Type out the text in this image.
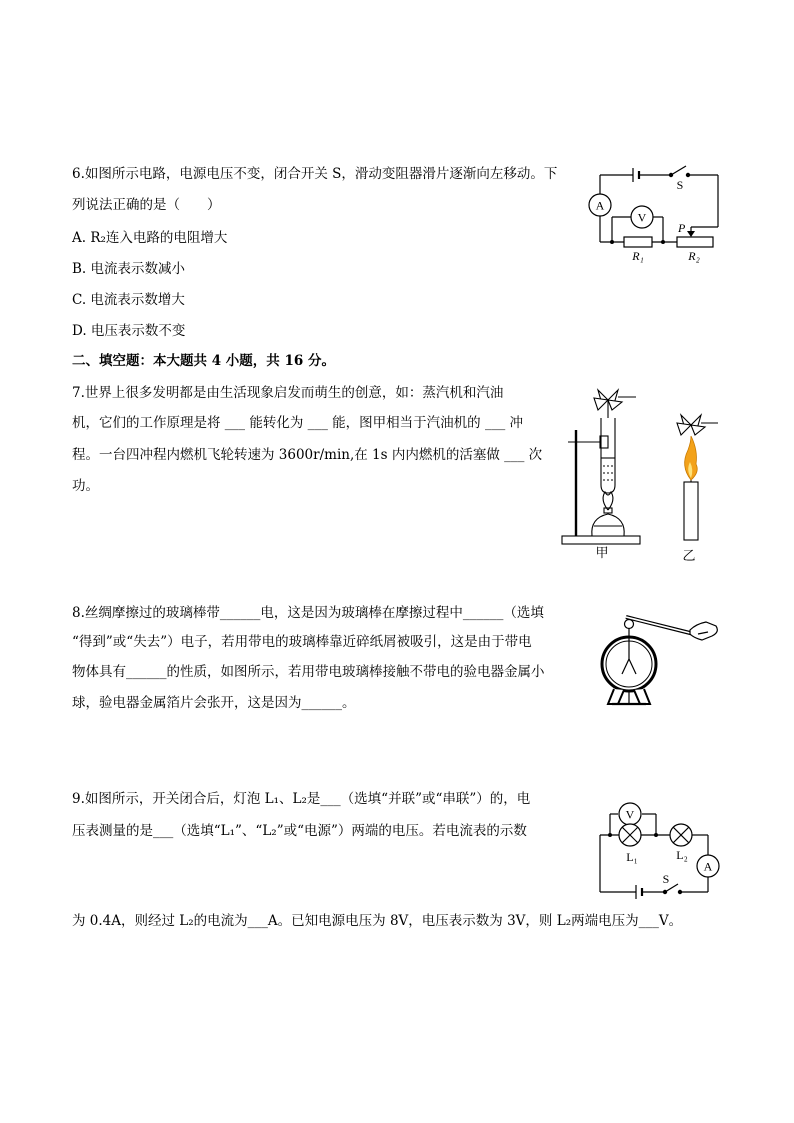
6.如图所示电路，电源电压不变，闭合开关 S，滑动变阻器滑片逐渐向左移动。下
列说法正确的是（　　）
A. R₂连入电路的电阻增大
B. 电流表示数减小
C. 电流表示数增大
D. 电压表示数不变
A
V
S
P
R₁	R₂
二、填空题：本大题共 4 小题，共 16 分。
7.世界上很多发明都是由生活现象启发而萌生的创意，如：蒸汽机和汽油
机，它们的工作原理是将 ___ 能转化为 ___ 能，图甲相当于汽油机的 ___ 冲
程。一台四冲程内燃机飞轮转速为 3600r/min,在 1s 内内燃机的活塞做 ___ 次
功。
甲	乙
8.丝绸摩擦过的玻璃棒带______电，这是因为玻璃棒在摩擦过程中______（选填
“得到”或“失去”）电子，若用带电的玻璃棒靠近碎纸屑被吸引，这是由于带电
物体具有______的性质，如图所示，若用带电玻璃棒接触不带电的验电器金属小
球，验电器金属箔片会张开，这是因为______。
9.如图所示，开关闭合后，灯泡 L₁、L₂是___（选填“并联”或“串联”）的，电
压表测量的是___（选填“L₁”、“L₂”或“电源”）两端的电压。若电流表的示数
为 0.4A，则经过 L₂的电流为___A。已知电源电压为 8V，电压表示数为 3V，则 L₂两端电压为___V。
V
A
L₁	L₂
S
